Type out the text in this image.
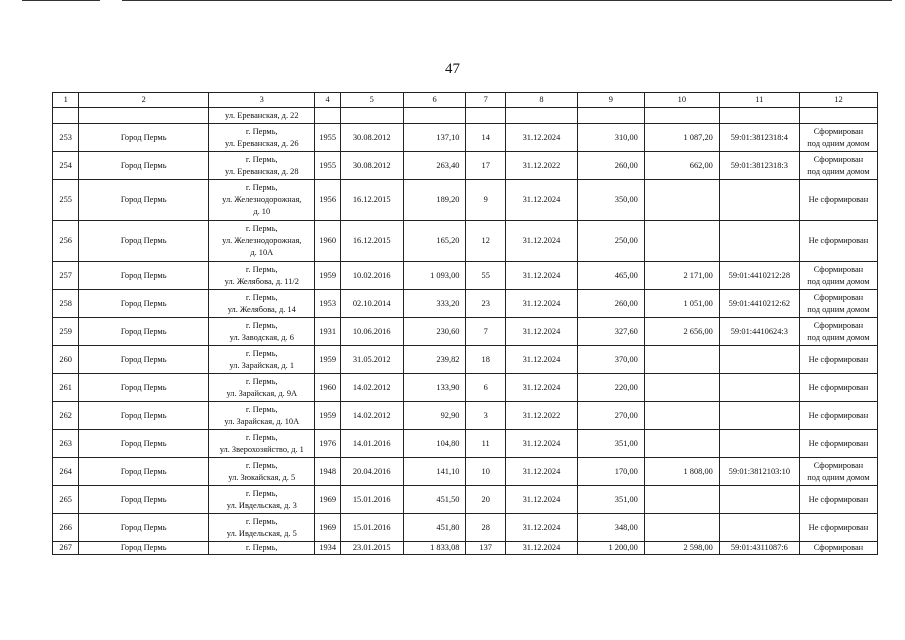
47
1	2	3	4	5	6	7	8	9	10	11	12
		ул. Ереванская, д. 22									
253	Город Пермь	г. Пермь,
ул. Ереванская, д. 26	1955	30.08.2012	137,10	14	31.12.2024	310,00	1 087,20	59:01:3812318:4	Сформирован
под одним домом

254	Город Пермь	г. Пермь,
ул. Ереванская, д. 28	1955	30.08.2012	263,40	17	31.12.2022	260,00	662,00	59:01:3812318:3	Сформирован
под одним домом

255	Город Пермь	г. Пермь,
ул. Железнодорожная,
д. 10	1956	16.12.2015	189,20	9	31.12.2024	350,00			Не сформирован

256	Город Пермь	г. Пермь,
ул. Железнодорожная,
д. 10А	1960	16.12.2015	165,20	12	31.12.2024	250,00			Не сформирован

257	Город Пермь	г. Пермь,
ул. Желябова, д. 11/2	1959	10.02.2016	1 093,00	55	31.12.2024	465,00	2 171,00	59:01:4410212:28	Сформирован
под одним домом

258	Город Пермь	г. Пермь,
ул. Желябова, д. 14	1953	02.10.2014	333,20	23	31.12.2024	260,00	1 051,00	59:01:4410212:62	Сформирован
под одним домом

259	Город Пермь	г. Пермь,
ул. Заводская, д. 6	1931	10.06.2016	230,60	7	31.12.2024	327,60	2 656,00	59:01:4410624:3	Сформирован
под одним домом

260	Город Пермь	г. Пермь,
ул. Зарайская, д. 1	1959	31.05.2012	239,82	18	31.12.2024	370,00			Не сформирован

261	Город Пермь	г. Пермь,
ул. Зарайская, д. 9А	1960	14.02.2012	133,90	6	31.12.2024	220,00			Не сформирован

262	Город Пермь	г. Пермь,
ул. Зарайская, д. 10А	1959	14.02.2012	92,90	3	31.12.2022	270,00			Не сформирован

263	Город Пермь	г. Пермь,
ул. Зверохозяйство, д. 1	1976	14.01.2016	104,80	11	31.12.2024	351,00			Не сформирован

264	Город Пермь	г. Пермь,
ул. Зюкайская, д. 5	1948	20.04.2016	141,10	10	31.12.2024	170,00	1 808,00	59:01:3812103:10	Сформирован
под одним домом

265	Город Пермь	г. Пермь,
ул. Ивдельская, д. 3	1969	15.01.2016	451,50	20	31.12.2024	351,00			Не сформирован

266	Город Пермь	г. Пермь,
ул. Ивдельская, д. 5	1969	15.01.2016	451,80	28	31.12.2024	348,00			Не сформирован

267	Город Пермь	г. Пермь,	1934	23.01.2015	1 833,08	137	31.12.2024	1 200,00	2 598,00	59:01:4311087:6	Сформирован
